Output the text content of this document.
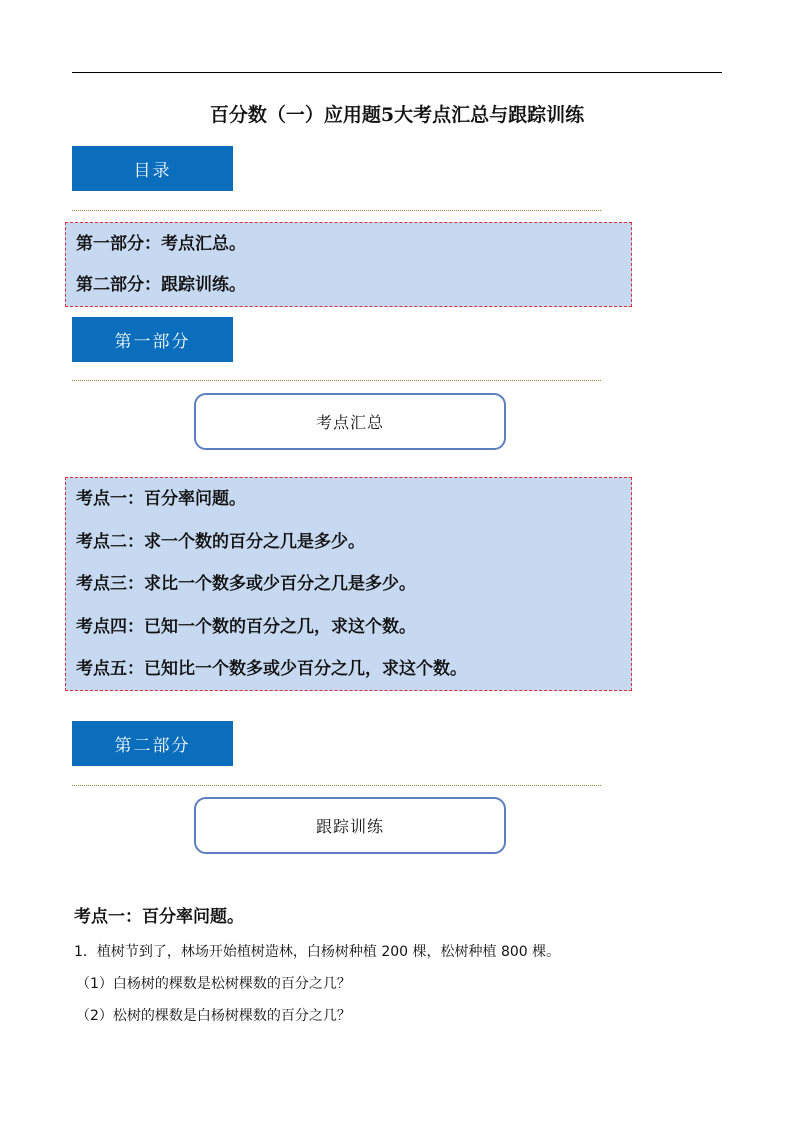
百分数（一）应用题5大考点汇总与跟踪训练
目录
第一部分：考点汇总。
第二部分：跟踪训练。
第一部分
考点汇总
考点一：百分率问题。
考点二：求一个数的百分之几是多少。
考点三：求比一个数多或少百分之几是多少。
考点四：已知一个数的百分之几，求这个数。
考点五：已知比一个数多或少百分之几，求这个数。
第二部分
跟踪训练
考点一：百分率问题。
1．植树节到了，林场开始植树造林，白杨树种植 200 棵，松树种植 800 棵。
（1）白杨树的棵数是松树棵数的百分之几？
（2）松树的棵数是白杨树棵数的百分之几？
